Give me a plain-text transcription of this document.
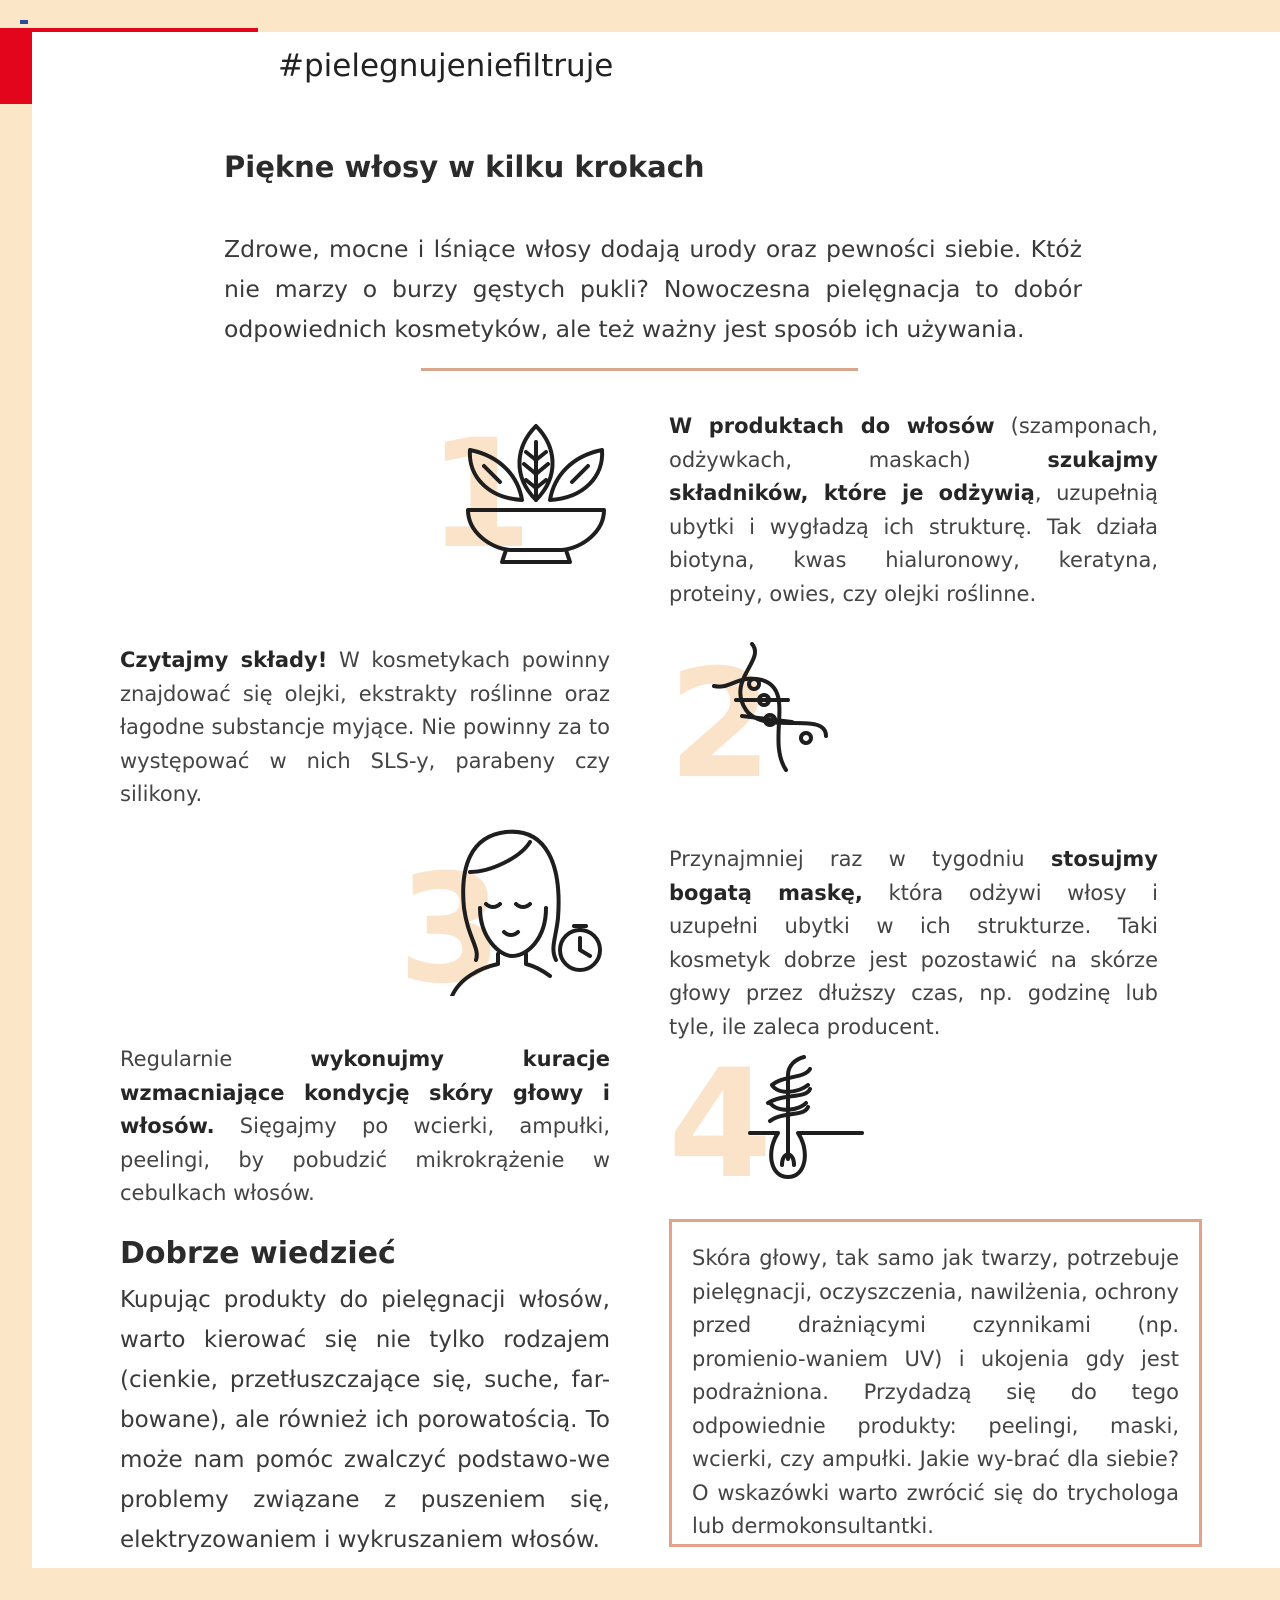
#pielegnujeniefiltruje
Piękne włosy w kilku krokach

Zdrowe, mocne i lśniące włosy dodają urody oraz pewności siebie. Któż nie marzy o burzy gęstych pukli? Nowoczesna pielęgnacja to dobór odpowiednich kosmetyków, ale też ważny jest sposób ich używania.

1	W produktach do włosów (szamponach, odżywkach, maskach) szukajmy składników, które je odżywią, uzupełnią ubytki i wygładzą ich strukturę. Tak działa biotyna, kwas hialuronowy, keratyna, proteiny, owies, czy olejki roślinne.

Czytajmy składy! W kosmetykach powinny znajdować się olejki, ekstrakty roślinne oraz łagodne substancje myjące. Nie powinny za to występować w nich SLS-y, parabeny czy silikony.	2
3	Przynajmniej raz w tygodniu stosujmy bogatą maskę, która odżywi włosy i uzupełni ubytki w ich strukturze. Taki kosmetyk dobrze jest pozostawić na skórze głowy przez dłuższy czas, np. godzinę lub tyle, ile zaleca producent.

Regularnie wykonujmy kuracje wzmacniające kondycję skóry głowy i włosów. Sięgajmy po wcierki, ampułki, peelingi, by pobudzić mikrokrążenie w cebulkach włosów.	4
Dobrze wiedzieć

Kupując produkty do pielęgnacji włosów, warto kierować się nie tylko rodzajem (cienkie, przetłuszczające się, suche, far-bowane), ale również ich porowatością. To może nam pomóc zwalczyć podstawo-we problemy związane z puszeniem się, elektryzowaniem i wykruszaniem włosów.

Skóra głowy, tak samo jak twarzy, potrzebuje pielęgnacji, oczyszczenia, nawilżenia, ochrony przed drażniącymi czynnikami (np. promienio-waniem UV) i ukojenia gdy jest podrażniona. Przydadzą się do tego odpowiednie produkty: peelingi, maski, wcierki, czy ampułki. Jakie wy-brać dla siebie? O wskazówki warto zwrócić się do trychologa lub dermokonsultantki.
